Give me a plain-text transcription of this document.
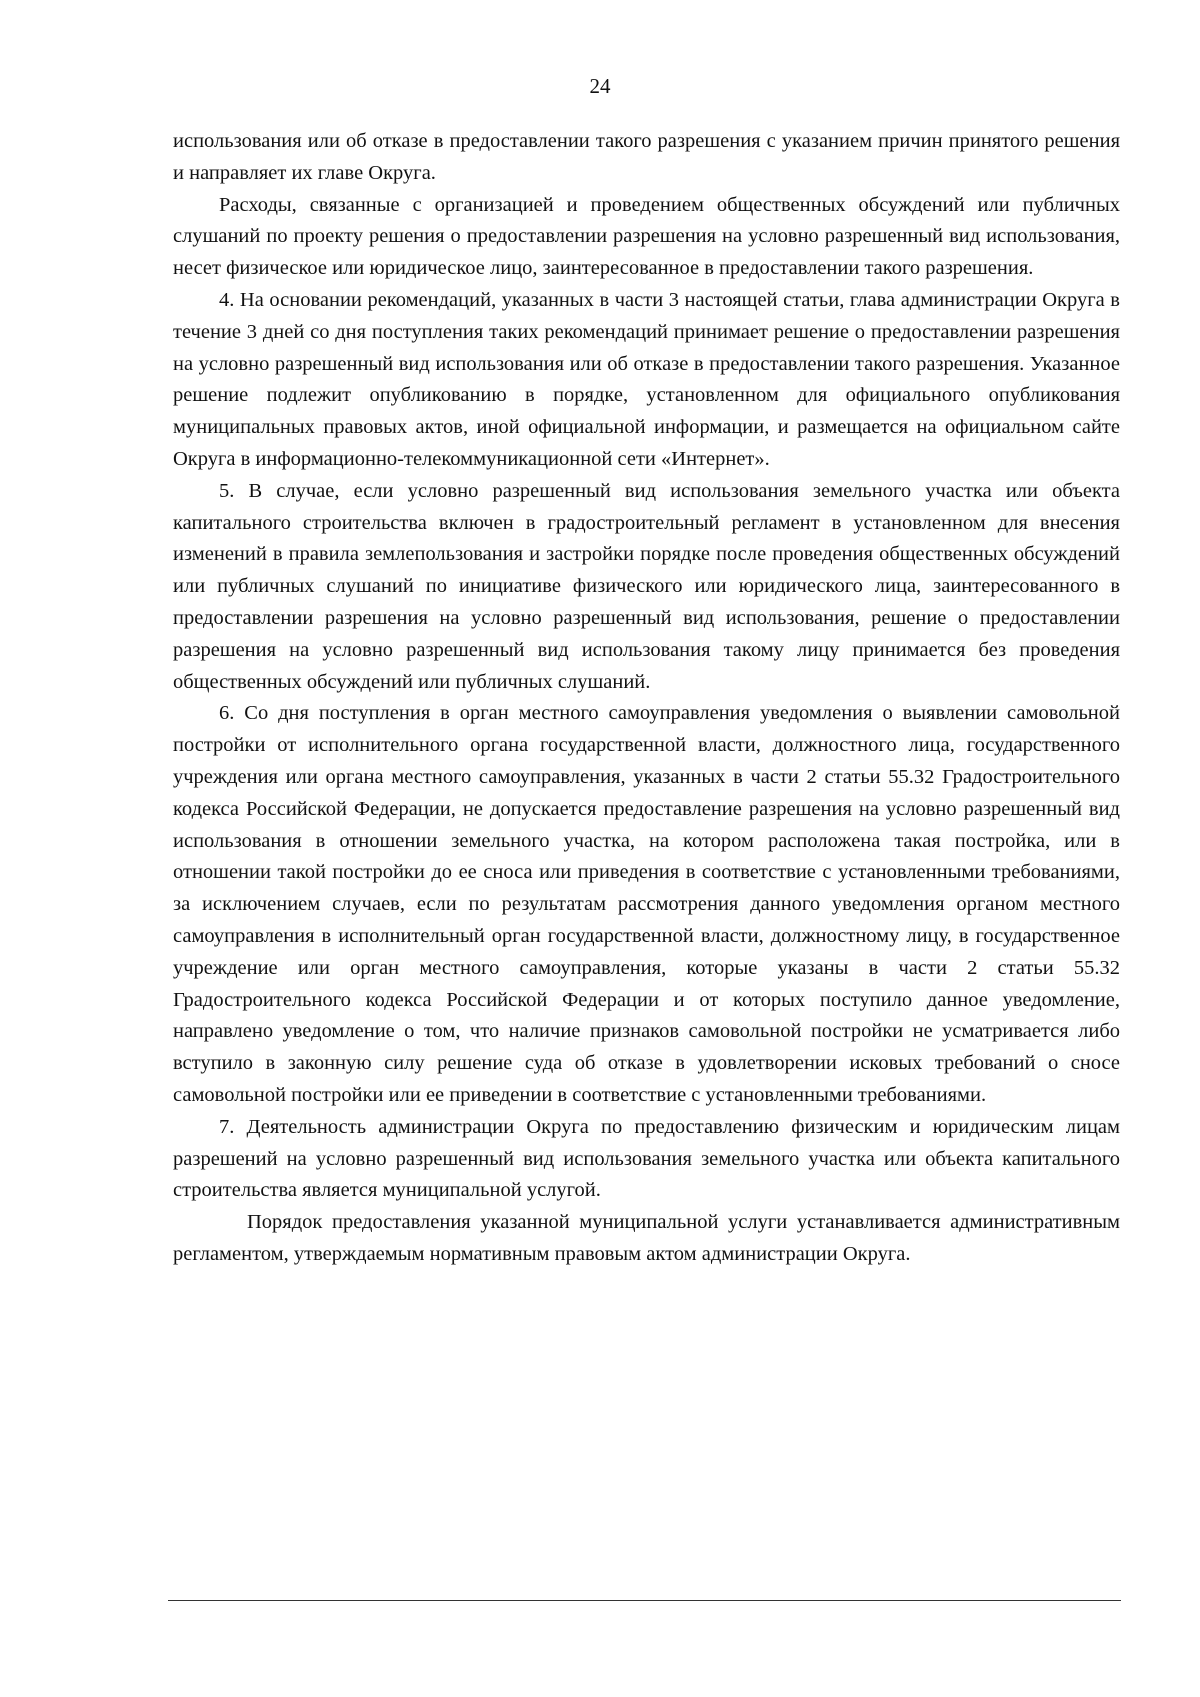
24

использования или об отказе в предоставлении такого разрешения с указанием причин принятого решения и направляет их главе Округа.

Расходы, связанные с организацией и проведением общественных обсуждений или публичных слушаний по проекту решения о предоставлении разрешения на условно разрешенный вид использования, несет физическое или юридическое лицо, заинтересованное в предоставлении такого разрешения.

4. На основании рекомендаций, указанных в части 3 настоящей статьи, глава администрации Округа в течение 3 дней со дня поступления таких рекомендаций принимает решение о предоставлении разрешения на условно разрешенный вид использования или об отказе в предоставлении такого разрешения. Указанное решение подлежит опубликованию в порядке, установленном для официального опубликования муниципальных правовых актов, иной официальной информации, и размещается на официальном сайте Округа в информационно-телекоммуникационной сети «Интернет».

5. В случае, если условно разрешенный вид использования земельного участка или объекта капитального строительства включен в градостроительный регламент в установленном для внесения изменений в правила землепользования и застройки порядке после проведения общественных обсуждений или публичных слушаний по инициативе физического или юридического лица, заинтересованного в предоставлении разрешения на условно разрешенный вид использования, решение о предоставлении разрешения на условно разрешенный вид использования такому лицу принимается без проведения общественных обсуждений или публичных слушаний.

6. Со дня поступления в орган местного самоуправления уведомления о выявлении самовольной постройки от исполнительного органа государственной власти, должностного лица, государственного учреждения или органа местного самоуправления, указанных в части 2 статьи 55.32 Градостроительного кодекса Российской Федерации, не допускается предоставление разрешения на условно разрешенный вид использования в отношении земельного участка, на котором расположена такая постройка, или в отношении такой постройки до ее сноса или приведения в соответствие с установленными требованиями, за исключением случаев, если по результатам рассмотрения данного уведомления органом местного самоуправления в исполнительный орган государственной власти, должностному лицу, в государственное учреждение или орган местного самоуправления, которые указаны в части 2 статьи 55.32 Градостроительного кодекса Российской Федерации и от которых поступило данное уведомление, направлено уведомление о том, что наличие признаков самовольной постройки не усматривается либо вступило в законную силу решение суда об отказе в удовлетворении исковых требований о сносе самовольной постройки или ее приведении в соответствие с установленными требованиями.

7. Деятельность администрации Округа по предоставлению физическим и юридическим лицам разрешений на условно разрешенный вид использования земельного участка или объекта капитального строительства является муниципальной услугой.

Порядок предоставления указанной муниципальной услуги устанавливается административным регламентом, утверждаемым нормативным правовым актом администрации Округа.
